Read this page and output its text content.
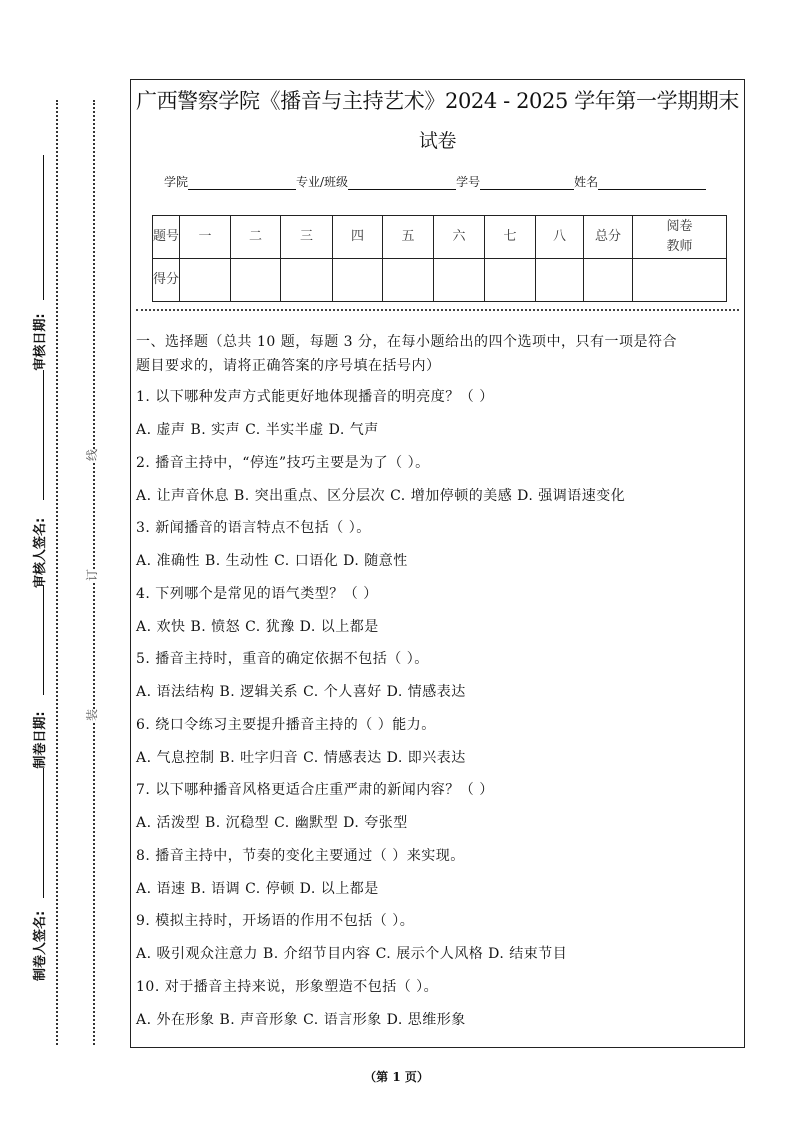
制卷人签名:
制卷日期:
审核人签名:
审核日期:
装
订
线
广西警察学院《播音与主持艺术》2024 - 2025 学年第一学期期末
试卷
学院	专业/班级	学号	姓名
题号	一	二	三	四	五	六	七	八	总分	阅卷教师
得分										
一、选择题（总共 10 题，每题 3 分，在每小题给出的四个选项中，只有一项是符合
题目要求的，请将正确答案的序号填在括号内）
1. 以下哪种发声方式能更好地体现播音的明亮度？（ ）
A. 虚声 B. 实声 C. 半实半虚 D. 气声
2. 播音主持中，“停连”技巧主要是为了（ ）。
A. 让声音休息 B. 突出重点、区分层次 C. 增加停顿的美感 D. 强调语速变化
3. 新闻播音的语言特点不包括（ ）。
A. 准确性 B. 生动性 C. 口语化 D. 随意性
4. 下列哪个是常见的语气类型？（ ）
A. 欢快 B. 愤怒 C. 犹豫 D. 以上都是
5. 播音主持时，重音的确定依据不包括（ ）。
A. 语法结构 B. 逻辑关系 C. 个人喜好 D. 情感表达
6. 绕口令练习主要提升播音主持的（ ）能力。
A. 气息控制 B. 吐字归音 C. 情感表达 D. 即兴表达
7. 以下哪种播音风格更适合庄重严肃的新闻内容？（ ）
A. 活泼型 B. 沉稳型 C. 幽默型 D. 夸张型
8. 播音主持中，节奏的变化主要通过（ ）来实现。
A. 语速 B. 语调 C. 停顿 D. 以上都是
9. 模拟主持时，开场语的作用不包括（ ）。
A. 吸引观众注意力 B. 介绍节目内容 C. 展示个人风格 D. 结束节目
10. 对于播音主持来说，形象塑造不包括（ ）。
A. 外在形象 B. 声音形象 C. 语言形象 D. 思维形象
（第 1 页）
